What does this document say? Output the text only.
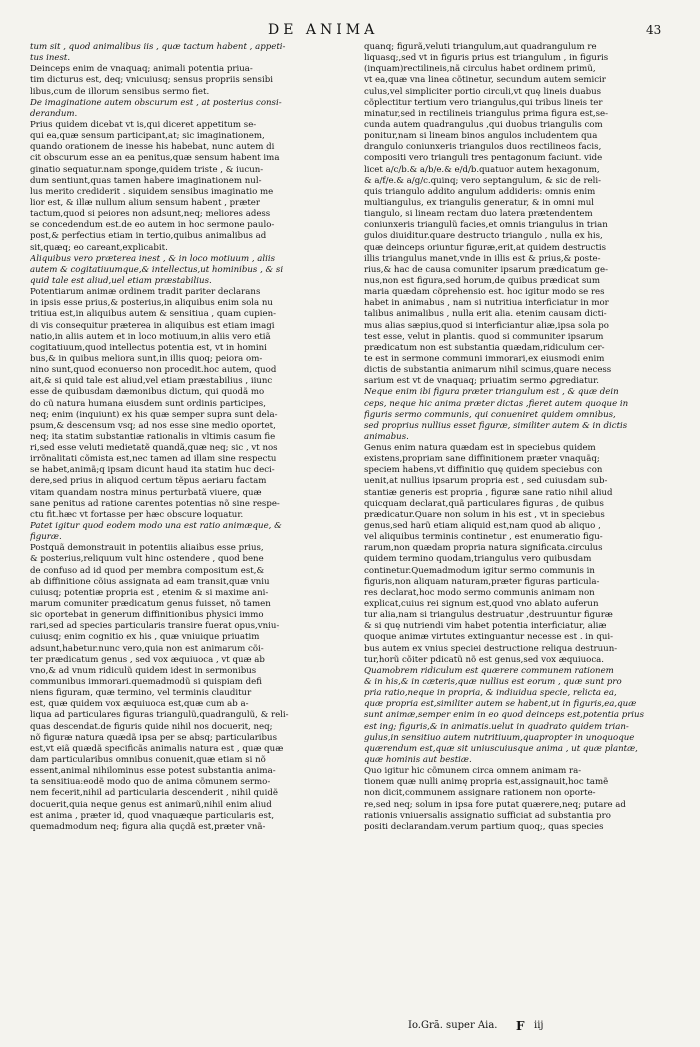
DE ANIMA	43
tum sit , quod animalibus iis , quæ tactum habent , appeti-
tus inest.
Deinceps enim de vnaquaq; animali potentia priua-
tim dicturus est, deq; vnicuiusq; sensus propriis sensibi
libus,cum de illorum sensibus sermo fiet.
De imaginatione autem obscurum est , at posterius consi-
derandum.
Prius quidem dicebat vt is,qui diceret appetitum se-
qui ea,quæ sensum participant,at; sic imaginationem,
quando orationem de inesse his habebat, nunc autem di
cit obscurum esse an ea penitus,quæ sensum habent ima
ginatio sequatur.nam sponge,quidem triste , & iucun-
dum sentiunt,quas tamen habere imaginationem nul-
lus merito crediderit . siquidem sensibus imaginatio me
lior est, & illæ nullum alium sensum habent , præter
tactum,quod si peiores non adsunt,neq; meliores adess
se concedendum est.de eo autem in hoc sermone paulo-
post,& perfectius etiam in tertio,quibus animalibus ad
sit,quæq; eo careant,explicabit.
Aliquibus vero præterea inest , & in loco motiuum , aliis
autem & cogitatiuumque,& intellectus,ut hominibus , & si
quid tale est aliud,uel etiam præstabilius.
Potentiarum animæ ordinem tradit pariter declarans
in ipsis esse prius,& posterius,in aliquibus enim sola nu
tritiua est,in aliquibus autem & sensitiua , quam cupien-
di vis consequitur præterea in aliquibus est etiam imagi
natio,in aliis autem et in loco motiuum,in aliis vero etiã
cogitatiuum,quod intellectus potentia est, vt in homini
bus,& in quibus meliora sunt,in illis quoq; peiora om-
nino sunt,quod econuerso non procedit.hoc autem, quod
ait,& si quid tale est aliud,vel etiam præstabilius , iiunc
esse de quibusdam dæmonibus dictum, qui quodã mo
do cũ natura humana eiusdem sunt ordinis participes,
neq; enim (inquiunt) ex his quæ semper supra sunt dela-
psum,& descensum vsq; ad nos esse sine medio oportet,
neq; ita statim substantiæ rationalis in vltimis casum fie
ri,sed esse veluti medietatẽ quandã,quæ neq; sic , vt nos
irrõnalitati cõmista est,nec tamen ad illam sine respectu
se habet,animã;q ipsam dicunt haud ita statim huc deci-
dere,sed prius in aliquod certum tẽpus aeriaru factam
vitam quandam nostra minus perturbatã viuere, quæ
sane penitus ad ratione carentes potentias nõ sine respe-
ctu fit.hæc vt fortasse per hæc obscure loquatur.
Patet igitur quod eodem modo una est ratio animæque, &
figuræ.
Postquã demonstrauit in potentiis aliaibus esse prius,
& posterius,reliquum vult hinc ostendere , quod bene
de confuso ad id quod per membra compositum est,&
ab diffinitione cõius assignata ad eam transit,quæ vniu
cuiusq; potentiæ propria est , etenim & si maxime ani-
marum comuniter prædicatum genus fuisset, nõ tamen
sic oportebat in generum diffinitionibus physici immo
rari,sed ad species particularis transire fuerat opus,vniu-
cuiusq; enim cognitio ex his , quæ vniuique priuatim
adsunt,habetur.nunc vero,quia non est animarum cõi-
ter prædicatum genus , sed vox æquiuoca , vt quæ ab
vno,& ad vnum ridiculũ quidem idest in sermonibus
communibus immorari.quemadmodũ si quispiam defi
niens figuram, quæ termino, vel terminis clauditur
est, quæ quidem vox æquiuoca est,quæ cum ab a-
liqua ad particulares figuras triangulũ,quadrangulũ, & reli-
quas descendat.de figuris quide nihil nos docuerit, neq;
nõ figuræ natura quædã ipsa per se absq; particularibus
est,vt eiã quædã specificãs animalis natura est , quæ quæ
dam particularibus omnibus conuenit,quæ etiam si nõ
essent,animal nihilominus esse potest substantia anima-
ta sensitiua:eodẽ modo quo de anima cõmunem sermo-
nem fecerit,nihil ad particularia descenderit , nihil quidẽ
docuerit,quia neque genus est animarũ,nihil enim aliud
est anima , præter id, quod vnaquæque particularis est,
quemadmodum neq; figura alia quçdã est,præter vnã-
quanq; figurã,veluti triangulum,aut quadrangulum re
liquasq;,sed vt in figuris prius est triangulum , in figuris
(inquam)rectilineis,nã circulus habet ordinem primũ,
vt ea,quæ vna linea cõtinetur, secundum autem semicir
culus,vel simpliciter portio circuli,vt quę lineis duabus
cõplectitur tertium vero triangulus,qui tribus lineis ter
minatur,sed in rectilineis triangulus prima figura est,se-
cunda autem quadrangulus ,qui duobus triangulis com
ponitur,nam si lineam binos angulos includentem qua
drangulo coniunxeris triangulos duos rectilineos facis,
compositi vero trianguli tres pentagonum faciunt. vide
licet a/c/b.& a/b/e.& e/d/b.quatuor autem hexagonum,
& a/f/e.& a/g/c.quinq; vero septangulum, & sic de reli-
quis triangulo addito angulum addideris: omnis enim
multiangulus, ex triangulis generatur, & in omni mul
tiangulo, si lineam rectam duo latera prætendentem
coniunxeris triangulũ facies,et omnis triangulus in trian
gulos diuiditur.quare destructo triangulo , nulla ex his,
quæ deinceps oriuntur figuræ,erit,at quidem destructis
illis triangulus manet,vnde in illis est & prius,& poste-
rius,& hac de causa comuniter ipsarum prædicatum ge-
nus,non est figura,sed horum,de quibus prædicat sum
maria quædam cõprehensio est. hoc igitur modo se res
habet in animabus , nam si nutritiua interficiatur in mor
talibus animalibus , nulla erit alia. etenim causam dicti-
mus alias sæpius,quod si interficiantur aliæ,ipsa sola po
test esse, velut in plantis. quod si communiter ipsarum
prædicatum non est substantia quædam,ridiculum cer-
te est in sermone communi immorari,ex eiusmodi enim
dictis de substantia animarum nihil scimus,quare necess
sarium est vt de vnaquaq; priuatim sermo ꝓgrediatur.
Neque enim ibi figura præter triangulum est , & quæ dein
ceps, neque hic anima præter dictas ,fieret autem quoque in
figuris sermo communis, qui conueniret quidem omnibus,
sed proprius nullius esset figuræ, similiter autem & in dictis
animabus.
Genus enim natura quædam est in speciebus quidem
existens,propriam sane diffinitionem præter vnaquãq;
speciem habens,vt diffinitio quę quidem speciebus con
uenit,at nullius ipsarum propria est , sed cuiusdam sub-
stantiæ generis est propria , figuræ sane ratio nihil aliud
quicquam declarat,quã particulares figuras , de quibus
prædicatur.Quare non solum in his est , vt in speciebus
genus,sed harũ etiam aliquid est,nam quod ab aliquo ,
vel aliquibus terminis continetur , est enumeratio figu-
rarum,non quædam propria natura significata.circulus
quidem termino quodam,triangulus vero quibusdam
continetur.Quemadmodum igitur sermo communis in
figuris,non aliquam naturam,præter figuras particula-
res declarat,hoc modo sermo communis animam non
explicat,cuius rei signum est,quod vno ablato auferun
tur alia,nam si triangulus destruatur ,destruuntur figuræ
& si quę nutriendi vim habet potentia interficiatur, aliæ
quoque animæ virtutes extinguantur necesse est . in qui-
bus autem ex vnius speciei destructione reliqua destruun-
tur,horũ cõiter pdicatũ nõ est genus,sed vox æquiuoca.
Quamobrem ridiculum est quærere communem rationem
& in his,& in cæteris,quæ nullius est eorum , quæ sunt pro
pria ratio,neque in propria, & indiuidua specie, relicta ea,
quæ propria est,similiter autem se habent,ut in figuris,ea,quæ
sunt animæ,semper enim in eo quod deinceps est,potentia prius
est ing; figuris,& in animatis.uelut in quadrato quidem trian-
gulus,in sensitiuo autem nutritiuum,quapropter in unoquoque
quærendum est,quæ sit uniuscuiusque anima , ut quæ plantæ,
quæ hominis aut bestiæ.
Quo igitur hic cõmunem circa omnem animam ra-
tionem quæ nulli animę propria est,assignauit,hoc tamẽ
non dicit,communem assignare rationem non oporte-
re,sed neq; solum in ipsa fore putat quærere,neq; putare ad
rationis vniuersalis assignatio sufficiat ad substantia pro
positi declarandam.verum partium quoq;, quas species
Io.Grã. super Aia. F iij
